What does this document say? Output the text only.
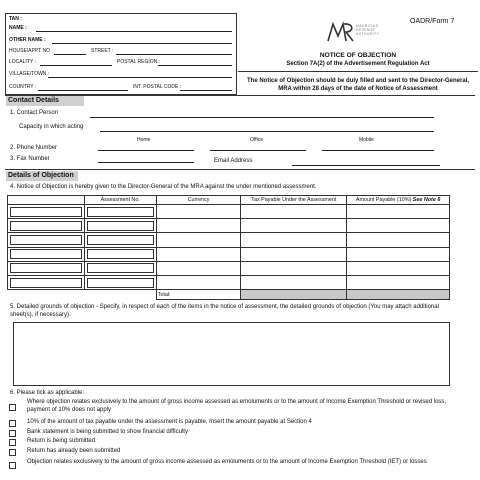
TAN :
NAME :
OTHER NAME :
HOUSE/APPT NO :	STREET :
LOCALITY :	POSTAL REGION :
VILLAGE/TOWN :
COUNTRY :	INT. POSTAL CODE :
MAURITIUS
REVENUE
AUTHORITY
OADR/Form 7
NOTICE OF OBJECTION
Section 7A(2) of the Advertisement Regulation Act
The Notice of Objection should be duly filled and sent to the Director-General, MRA within 28 days of the date of Notice of Assessment
Contact Details
1. Contact Person
Capacity in which acting
Home	Office	Mobile
2. Phone Number
3. Fax Number	Email Address
Details of Objection
4. Notice of Objection is hereby given to the Director-General of the MRA against the under mentioned assessment.
	Assessment No.	Currency	Tax Payable Under the Assessment	Amount Payable (10%) See Note 6

		Total:		
5. Detailed grounds of objection - Specify, in respect of each of the items in the notice of assessment, the detailed grounds of objection (You may attach additional sheet(s), if necessary).
6. Please tick as applicable:
Where objection relates exclusively to the amount of gross income assessed as emoluments or to the amount of Income Exemption Threshold or revised loss, payment of 10% does not apply
10% of the amount of tax payable under the assessment is payable. Insert the amount payable at Section 4
Bank statement is being submitted to show financial difficulty
Return is being submitted
Return has already been submitted
Objection relates exclusively to the amount of gross income assessed as emoluments or to the amount of Income Exemption Threshold (IET) or losses
